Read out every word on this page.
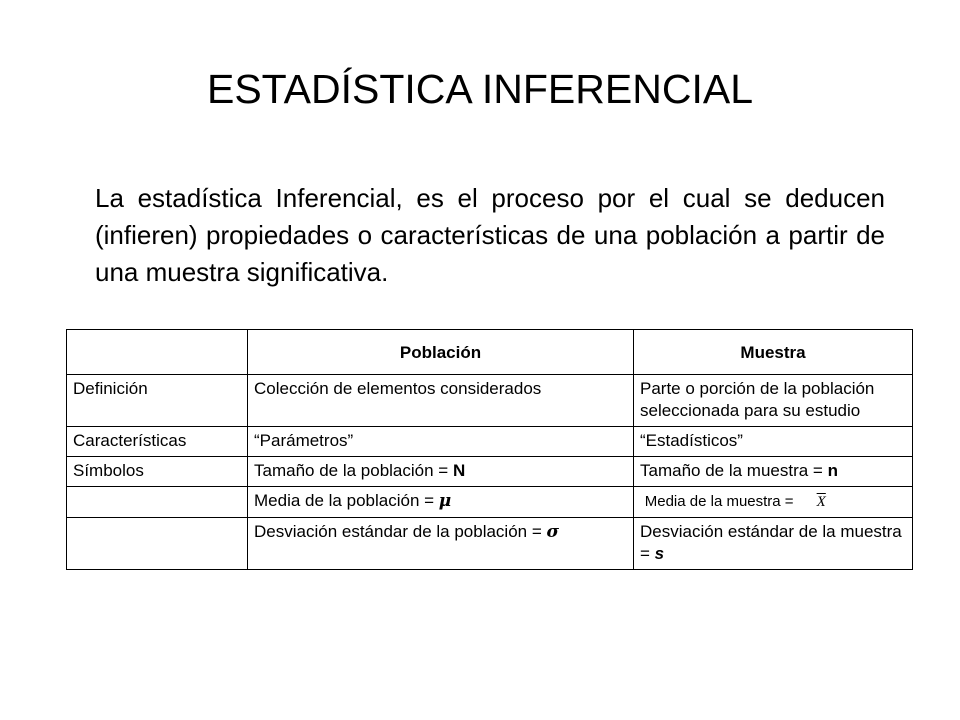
ESTADÍSTICA INFERENCIAL

La estadística Inferencial, es el proceso por el cual se deducen (infieren) propiedades o características de una población a partir de una muestra significativa.

	Población	Muestra
Definición	Colección de elementos considerados	Parte o porción de la población seleccionada para su estudio
Características	“Parámetros”	“Estadísticos”
Símbolos	Tamaño de la población = N	Tamaño de la muestra = n
	Media de la población = μ	Media de la muestra =     $\overline{X}$
	Desviación estándar de la población = σ	Desviación estándar de la muestra = s
